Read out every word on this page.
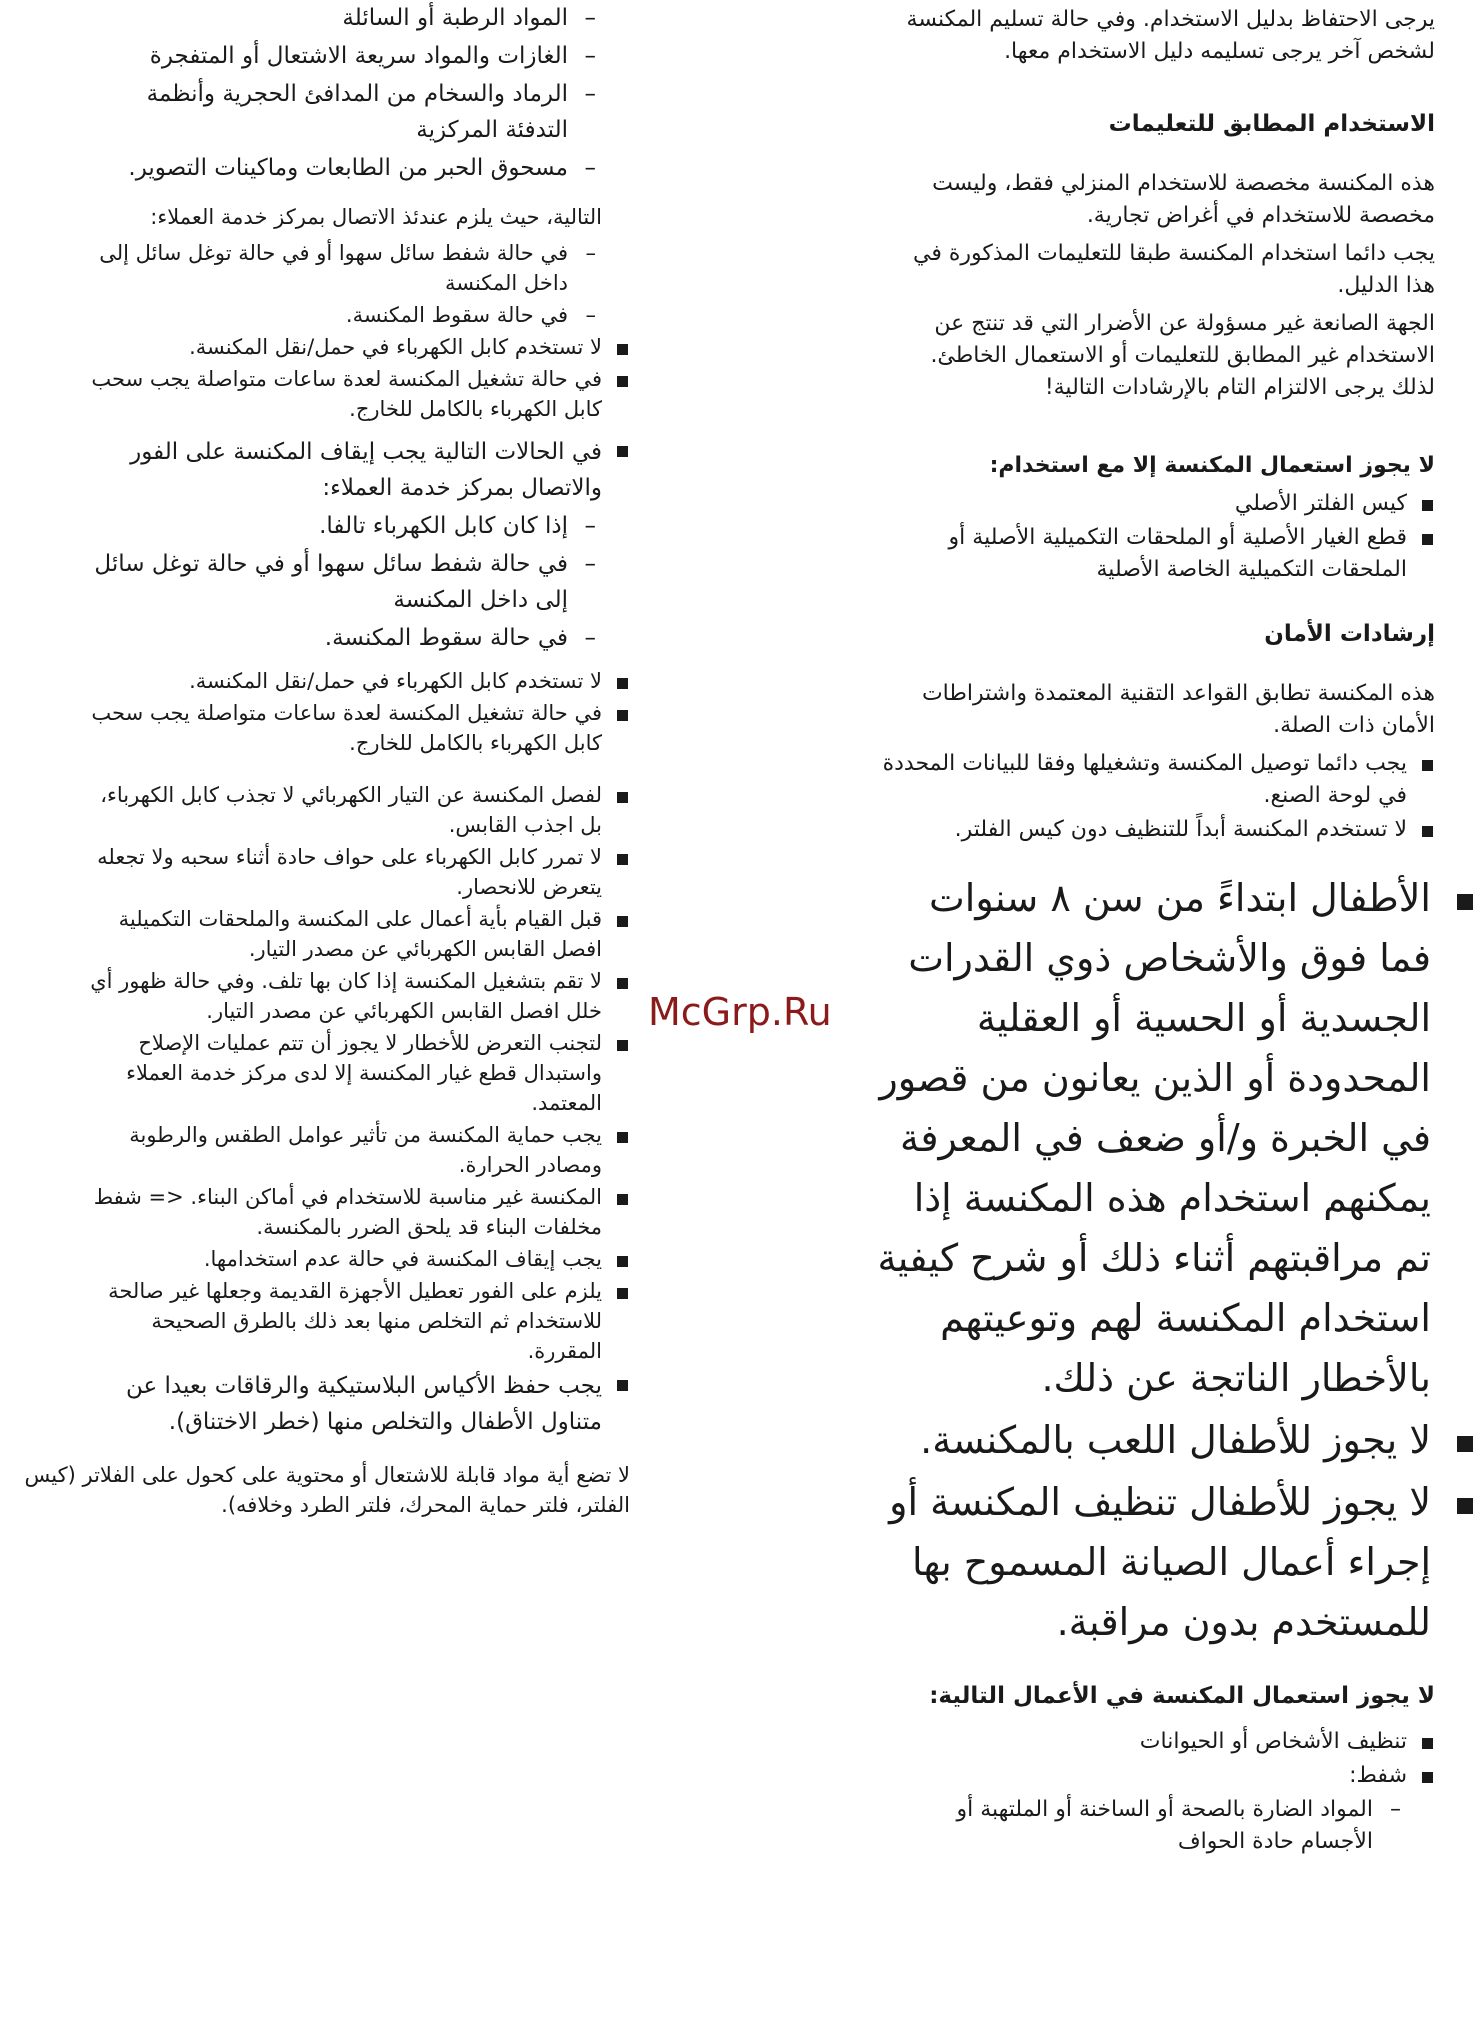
McGrp.Ru

يرجى الاحتفاظ بدليل الاستخدام. وفي حالة تسليم المكنسة لشخص آخر يرجى تسليمه دليل الاستخدام معها.

الاستخدام المطابق للتعليمات

هذه المكنسة مخصصة للاستخدام المنزلي فقط، وليست مخصصة للاستخدام في أغراض تجارية.

يجب دائما استخدام المكنسة طبقا للتعليمات المذكورة في هذا الدليل.

الجهة الصانعة غير مسؤولة عن الأضرار التي قد تنتج عن الاستخدام غير المطابق للتعليمات أو الاستعمال الخاطئ. لذلك يرجى الالتزام التام بالإرشادات التالية!

لا يجوز استعمال المكنسة إلا مع استخدام:

كيس الفلتر الأصلي
قطع الغيار الأصلية أو الملحقات التكميلية الأصلية أو الملحقات التكميلية الخاصة الأصلية
إرشادات الأمان

هذه المكنسة تطابق القواعد التقنية المعتمدة واشتراطات الأمان ذات الصلة.

يجب دائما توصيل المكنسة وتشغيلها وفقا للبيانات المحددة في لوحة الصنع.
لا تستخدم المكنسة أبداً للتنظيف دون كيس الفلتر.
الأطفال ابتداءً من سن ٨ سنوات فما فوق والأشخاص ذوي القدرات الجسدية أو الحسية أو العقلية المحدودة أو الذين يعانون من قصور في الخبرة و/أو ضعف في المعرفة يمكنهم استخدام هذه المكنسة إذا تم مراقبتهم أثناء ذلك أو شرح كيفية استخدام المكنسة لهم وتوعيتهم بالأخطار الناتجة عن ذلك.
لا يجوز للأطفال اللعب بالمكنسة.
لا يجوز للأطفال تنظيف المكنسة أو إجراء أعمال الصيانة المسموح بها للمستخدم بدون مراقبة.
لا يجوز استعمال المكنسة في الأعمال التالية:
تنظيف الأشخاص أو الحيوانات
شفط:
– المواد الضارة بالصحة أو الساخنة أو الملتهبة أو الأجسام حادة الحواف
– المواد الرطبة أو السائلة
– الغازات والمواد سريعة الاشتعال أو المتفجرة
– الرماد والسخام من المدافئ الحجرية وأنظمة التدفئة المركزية
– مسحوق الحبر من الطابعات وماكينات التصوير.

التالية، حيث يلزم عندئذ الاتصال بمركز خدمة العملاء:

– في حالة شفط سائل سهوا أو في حالة توغل سائل إلى داخل المكنسة
– في حالة سقوط المكنسة.
لا تستخدم كابل الكهرباء في حمل/نقل المكنسة.
في حالة تشغيل المكنسة لعدة ساعات متواصلة يجب سحب كابل الكهرباء بالكامل للخارج.
في الحالات التالية يجب إيقاف المكنسة على الفور والاتصال بمركز خدمة العملاء:
– إذا كان كابل الكهرباء تالفا.
– في حالة شفط سائل سهوا أو في حالة توغل سائل إلى داخل المكنسة
– في حالة سقوط المكنسة.
لا تستخدم كابل الكهرباء في حمل/نقل المكنسة.
في حالة تشغيل المكنسة لعدة ساعات متواصلة يجب سحب كابل الكهرباء بالكامل للخارج.
لفصل المكنسة عن التيار الكهربائي لا تجذب كابل الكهرباء، بل اجذب القابس.
لا تمرر كابل الكهرباء على حواف حادة أثناء سحبه ولا تجعله يتعرض للانحصار.
قبل القيام بأية أعمال على المكنسة والملحقات التكميلية افصل القابس الكهربائي عن مصدر التيار.
لا تقم بتشغيل المكنسة إذا كان بها تلف. وفي حالة ظهور أي خلل افصل القابس الكهربائي عن مصدر التيار.
لتجنب التعرض للأخطار لا يجوز أن تتم عمليات الإصلاح واستبدال قطع غيار المكنسة إلا لدى مركز خدمة العملاء المعتمد.
يجب حماية المكنسة من تأثير عوامل الطقس والرطوبة ومصادر الحرارة.
المكنسة غير مناسبة للاستخدام في أماكن البناء. <= شفط مخلفات البناء قد يلحق الضرر بالمكنسة.
يجب إيقاف المكنسة في حالة عدم استخدامها.
يلزم على الفور تعطيل الأجهزة القديمة وجعلها غير صالحة للاستخدام ثم التخلص منها بعد ذلك بالطرق الصحيحة المقررة.
يجب حفظ الأكياس البلاستيكية والرقاقات بعيدا عن متناول الأطفال والتخلص منها (خطر الاختناق).

لا تضع أية مواد قابلة للاشتعال أو محتوية على كحول على الفلاتر (كيس الفلتر، فلتر حماية المحرك، فلتر الطرد وخلافه).
